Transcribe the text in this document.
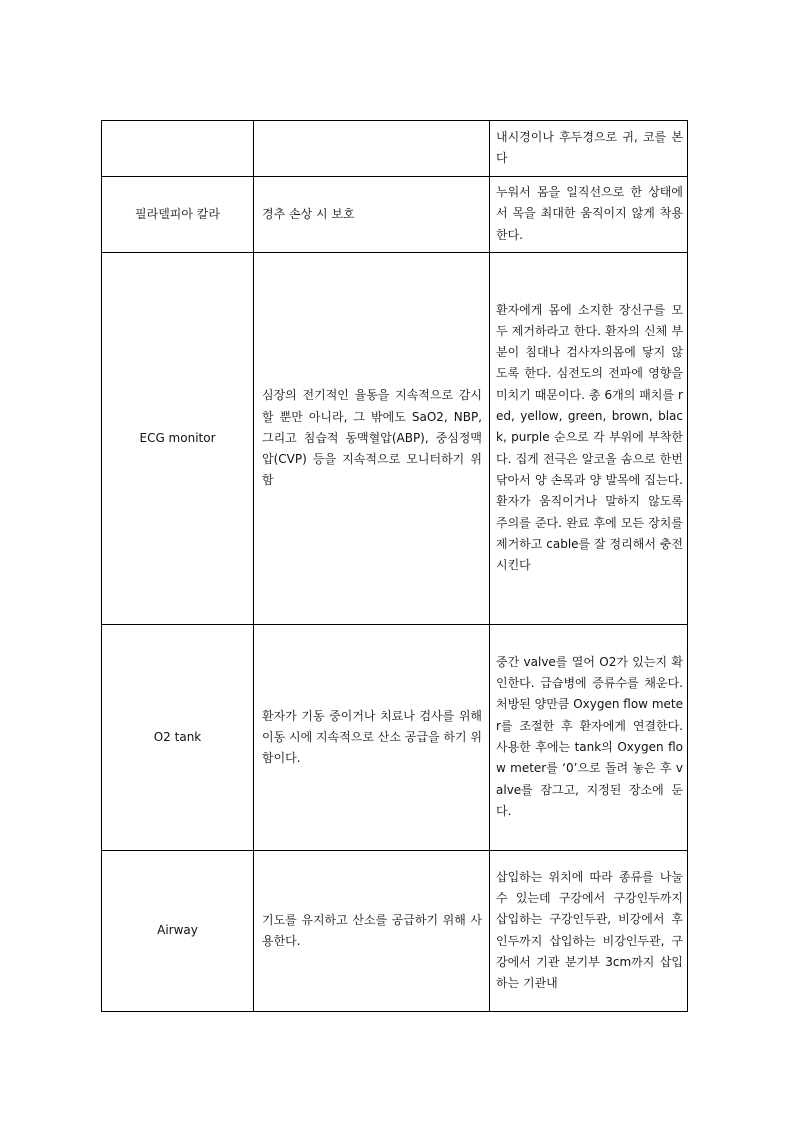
		내시경이나 후두경으로 귀, 코를 본다
필라델피아 칼라	경추 손상 시 보호	누워서 몸을 일직선으로 한 상태에서 목을 최대한 움직이지 않게 착용한다.
ECG monitor	심장의 전기적인 율동을 지속적으로 감시할 뿐만 아니라, 그 밖에도 SaO2, NBP, 그리고 침습적 동맥혈압(ABP), 중심정맥압(CVP) 등을 지속적으로 모니터하기 위함	환자에게 몸에 소지한 장신구를 모두 제거하라고 한다. 환자의 신체 부분이 침대나 검사자의몸에 닿지 않도록 한다. 심전도의 전파에 영향을 미치기 때문이다. 총 6개의 패치를 red, yellow, green, brown, black, purple 순으로 각 부위에 부착한다. 집게 전극은 알코올 솜으로 한번 닦아서 양 손목과 양 발목에 집는다. 환자가 움직이거나 말하지 않도록 주의를 준다. 완료 후에 모든 장치를 제거하고 cable를 잘 정리해서 충전시킨다
O2 tank	환자가 기동 중이거나 치료나 검사를 위해 이동 시에 지속적으로 산소 공급을 하기 위함이다.	중간 valve를 열어 O2가 있는지 확인한다. 급습병에 증류수를 채운다. 처방된 양만큼 Oxygen flow meter를 조절한 후 환자에게 연결한다. 사용한 후에는 tank의 Oxygen flow meter를 ‘0’으로 돌려 놓은 후 valve를 잠그고, 지정된 장소에 둔다.
Airway	기도를 유지하고 산소를 공급하기 위해 사용한다.	삽입하는 위치에 따라 종류를 나눌 수 있는데 구강에서 구강인두까지 삽입하는 구강인두관, 비강에서 후인두까지 삽입하는 비강인두관, 구강에서 기관 분기부 3cm까지 삽입하는 기관내
